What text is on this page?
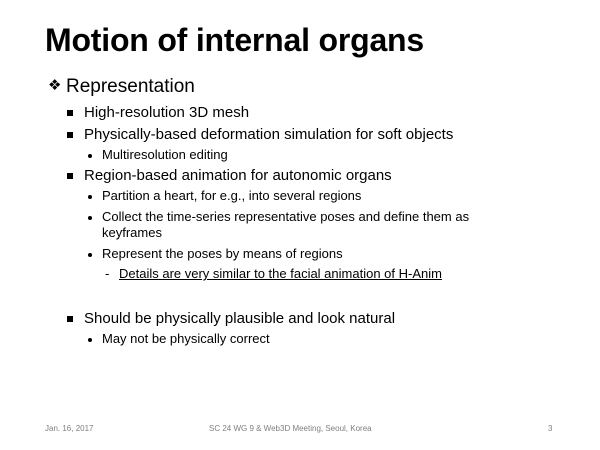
Motion of internal organs
❖ Representation
High-resolution 3D mesh
Physically-based deformation simulation for soft objects
Multiresolution editing
Region-based animation for autonomic organs
Partition a heart, for e.g., into several regions
Collect the time-series representative poses and define them as
keyframes
Represent the poses by means of regions
- Details are very similar to the facial animation of H-Anim
Should be physically plausible and look natural
May not be physically correct
Jan. 16, 2017	SC 24 WG 9 & Web3D Meeting, Seoul, Korea	3
